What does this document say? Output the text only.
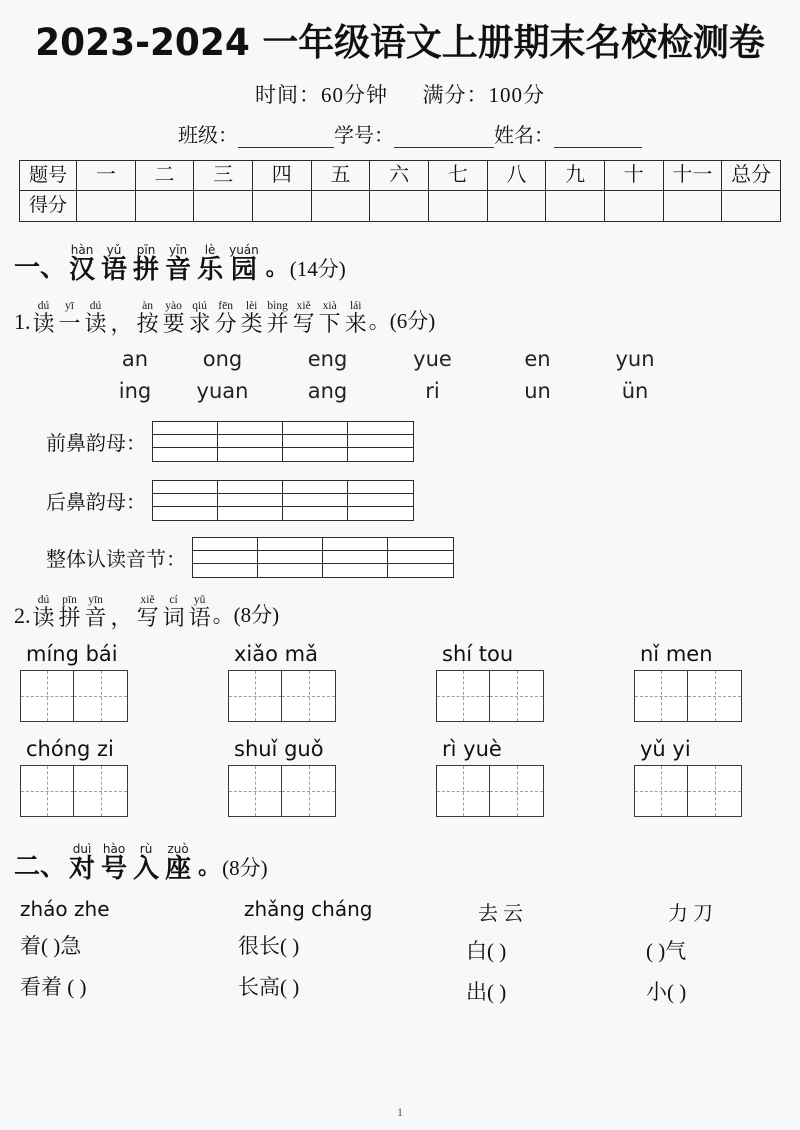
2023-2024 一年级语文上册期末名校检测卷
时间：60分钟 满分：100分
班级：	学号：	姓名：
题号	一	二	三	四	五	六	七	八	九	十	十一	总分
得分												
一、
hàn
汉
yǔ
语
pīn
拼
yīn
音
lè
乐
yuán
园 。 (14分)
1.
dú
读
yī
一
dú
读
，
àn
按
yào
要
qiú
求
fēn
分
lèi
类
bìng
并
xiě
写
xià
下
lái
来 。(6分)
an	ong	eng	yue	en	yun
ing	yuan	ang	ri	un	ün
前鼻韵母：
后鼻韵母：
整体认读音节：
2.
dú
读
pīn
拼
yīn
音
，
xiě
写
cí
词
yǔ
语 。(8分)
míng bái	xiǎo mǎ	shí tou	nǐ men
chóng zi	shuǐ guǒ	rì yuè	yǔ yi
二、
duì
对
hào
号
rù
入
zuò
座 。 (8分)
zháo zhe
着( )急
看着 ( )
zhǎng cháng
很长( )
长高( )
去 云
白( )
出( )
力 刀
( )气
小( )
1
